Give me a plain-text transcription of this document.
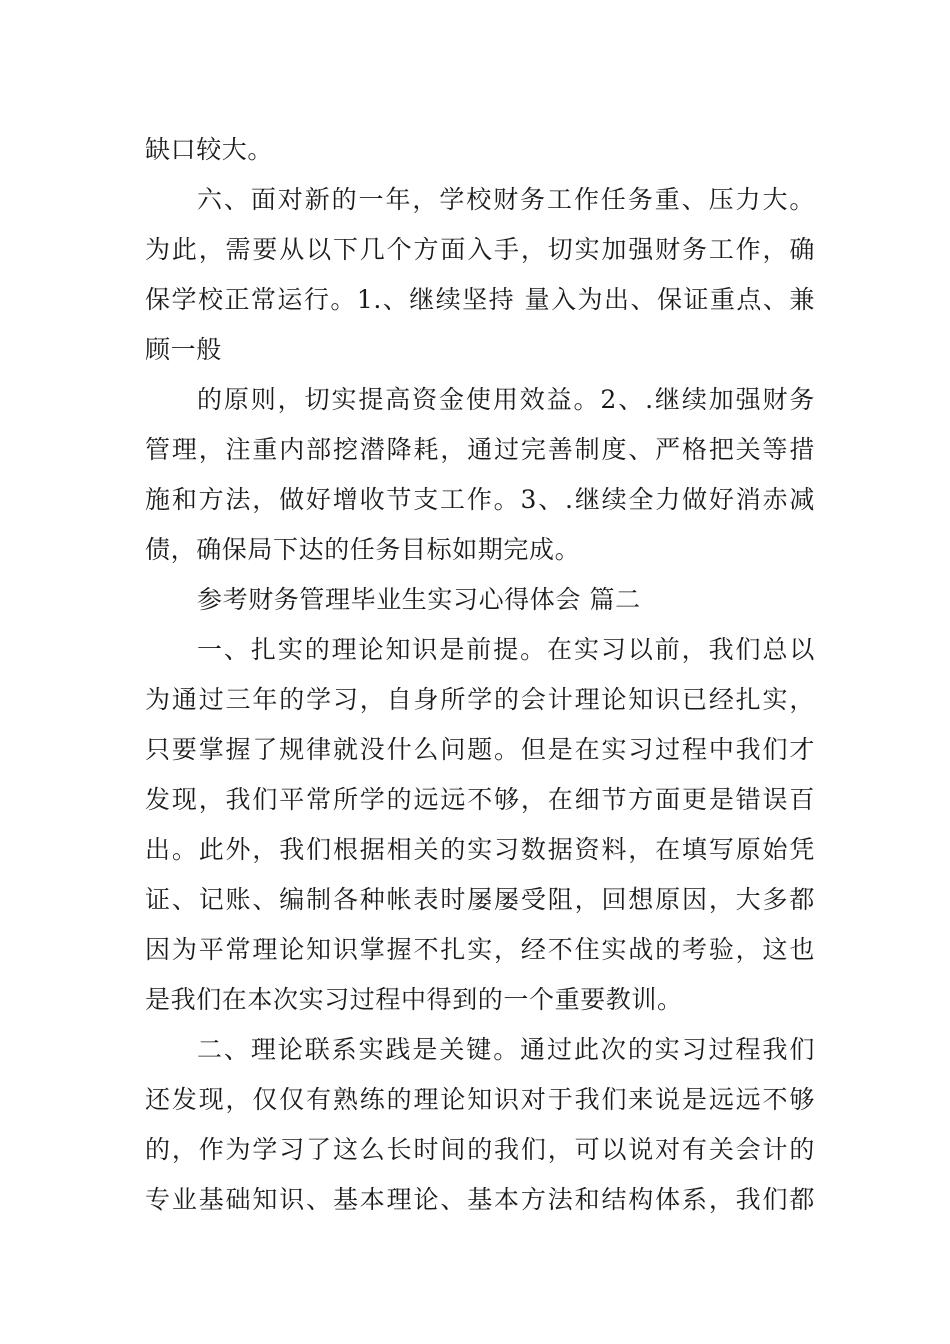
缺口较大。
六、面对新的一年，学校财务工作任务重、压力大。
为此，需要从以下几个方面入手，切实加强财务工作，确
保学校正常运行。1.、继续坚持 量入为出、保证重点、兼
顾一般
的原则，切实提高资金使用效益。2、.继续加强财务
管理，注重内部挖潜降耗，通过完善制度、严格把关等措
施和方法，做好增收节支工作。3、.继续全力做好消赤减
债，确保局下达的任务目标如期完成。
参考财务管理毕业生实习心得体会 篇二
一、扎实的理论知识是前提。在实习以前，我们总以
为通过三年的学习，自身所学的会计理论知识已经扎实，
只要掌握了规律就没什么问题。但是在实习过程中我们才
发现，我们平常所学的远远不够，在细节方面更是错误百
出。此外，我们根据相关的实习数据资料，在填写原始凭
证、记账、编制各种帐表时屡屡受阻，回想原因，大多都
因为平常理论知识掌握不扎实，经不住实战的考验，这也
是我们在本次实习过程中得到的一个重要教训。
二、理论联系实践是关键。通过此次的实习过程我们
还发现，仅仅有熟练的理论知识对于我们来说是远远不够
的，作为学习了这么长时间的我们，可以说对有关会计的
专业基础知识、基本理论、基本方法和结构体系，我们都
